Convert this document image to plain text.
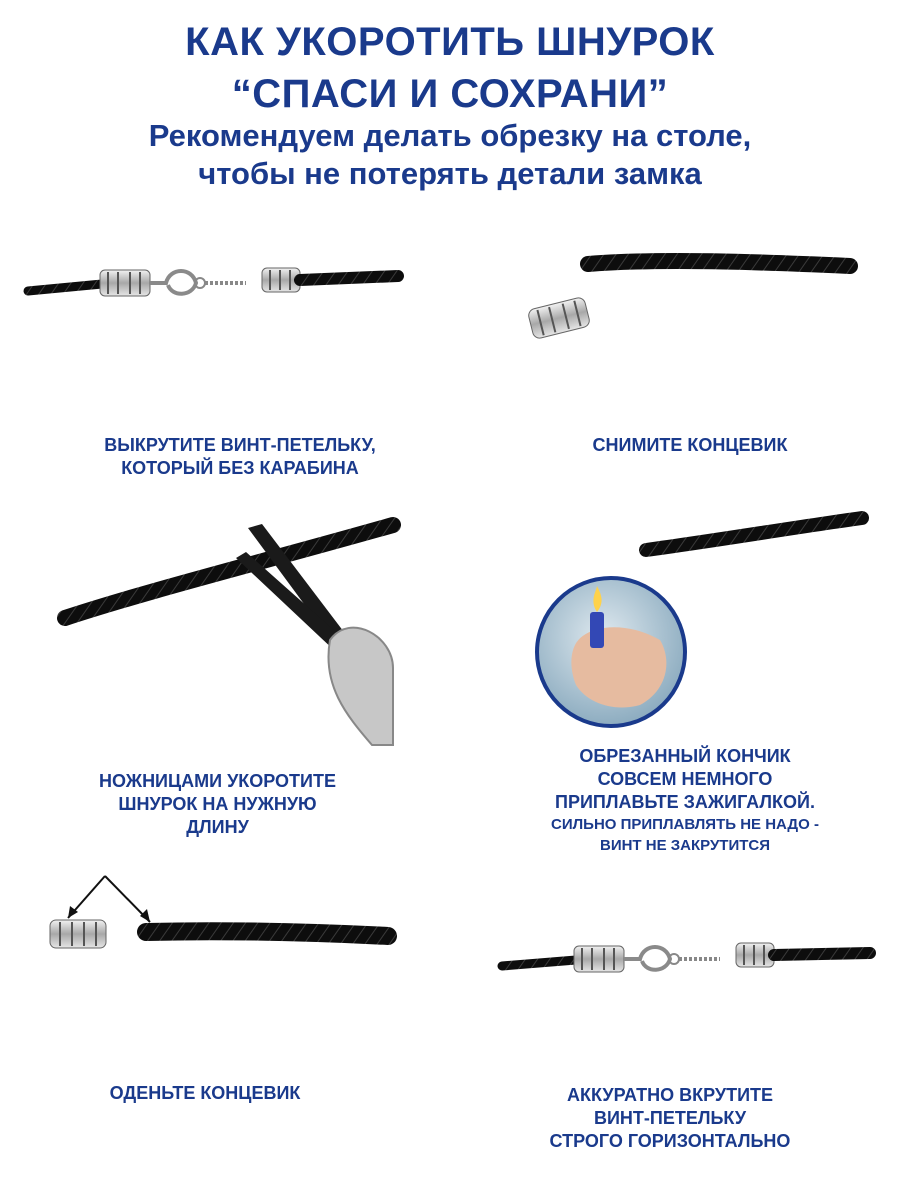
КАК УКОРОТИТЬ ШНУРОК
“СПАСИ И СОХРАНИ”
Рекомендуем делать обрезку на столе,
чтобы не потерять детали замка
ВЫКРУТИТЕ ВИНТ-ПЕТЕЛЬКУ,
КОТОРЫЙ БЕЗ КАРАБИНА
СНИМИТЕ КОНЦЕВИК
НОЖНИЦАМИ УКОРОТИТЕ
ШНУРОК НА НУЖНУЮ
ДЛИНУ
ОБРЕЗАННЫЙ КОНЧИК
СОВСЕМ НЕМНОГО
ПРИПЛАВЬТЕ ЗАЖИГАЛКОЙ.
СИЛЬНО ПРИПЛАВЛЯТЬ НЕ НАДО -
ВИНТ НЕ ЗАКРУТИТСЯ
ОДЕНЬТЕ КОНЦЕВИК	АККУРАТНО ВКРУТИТЕ
ВИНТ-ПЕТЕЛЬКУ
СТРОГО ГОРИЗОНТАЛЬНО
